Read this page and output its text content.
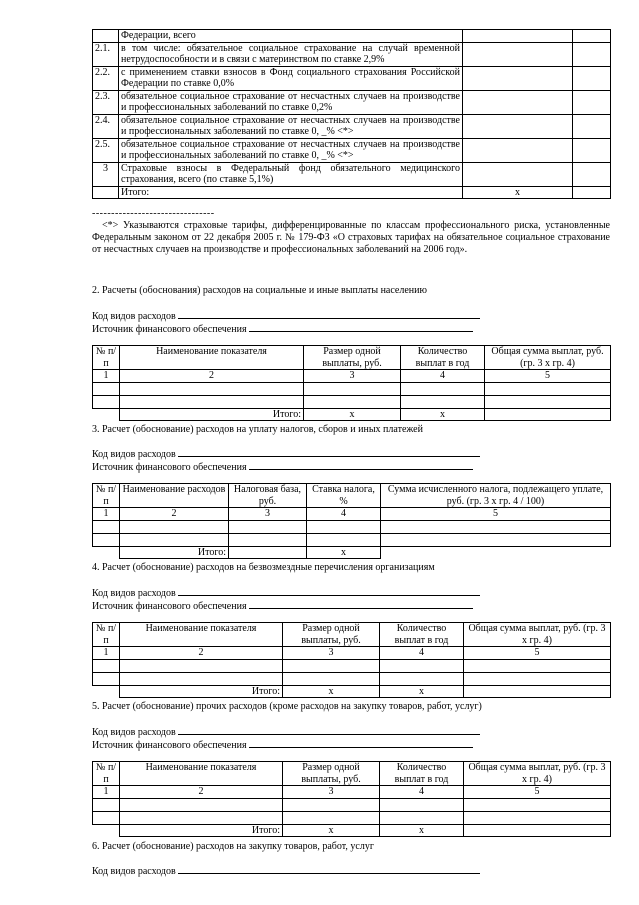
	Федерации, всего		
2.1.	в том числе: обязательное социальное страхование на случай временной нетрудоспособности и в связи с материнством по ставке 2,9%		
2.2.	с применением ставки взносов в Фонд социального страхования Российской Федерации по ставке 0,0%		
2.3.	обязательное социальное страхование от несчастных случаев на производстве и профессиональных заболеваний по ставке 0,2%		
2.4.	обязательное социальное страхование от несчастных случаев на производстве и профессиональных заболеваний по ставке 0, _% <*>		
2.5.	обязательное социальное страхование от несчастных случаев на производстве и профессиональных заболеваний по ставке 0, _% <*>		
3	Страховые взносы в Федеральный фонд обязательного медицинского страхования, всего (по ставке 5,1%)		
	Итого:	x	
--------------------------------
<*> Указываются страховые тарифы, дифференцированные по классам профессионального риска, установленные Федеральным законом от 22 декабря 2005 г. № 179-ФЗ «О страховых тарифах на обязательное социальное страхование от несчастных случаев на производстве и профессиональных заболеваний на 2006 год».
2. Расчеты (обоснования) расходов на социальные и иные выплаты населению
Код видов расходов
Источник финансового обеспечения
№ п/п	Наименование показателя	Размер одной выплаты, руб.	Количество выплат в год	Общая сумма выплат, руб. (гр. 3 x гр. 4)
1	2	3	4	5

	Итого:	x	x	
3. Расчет (обоснование) расходов на уплату налогов, сборов и иных платежей
Код видов расходов
Источник финансового обеспечения
№ п/п	Наименование расходов	Налоговая база, руб.	Ставка налога, %	Сумма исчисленного налога, подлежащего уплате, руб. (гр. 3 x гр. 4 / 100)
1	2	3	4	5

	Итого:		x	
4. Расчет (обоснование) расходов на безвозмездные перечисления организациям
Код видов расходов
Источник финансового обеспечения
№ п/п	Наименование показателя	Размер одной выплаты, руб.	Количество выплат в год	Общая сумма выплат, руб. (гр. 3 x гр. 4)
1	2	3	4	5

	Итого:	x	x	
5. Расчет (обоснование) прочих расходов (кроме расходов на закупку товаров, работ, услуг)
Код видов расходов
Источник финансового обеспечения
№ п/п	Наименование показателя	Размер одной выплаты, руб.	Количество выплат в год	Общая сумма выплат, руб. (гр. 3 x гр. 4)
1	2	3	4	5

	Итого:	x	x	
6. Расчет (обоснование) расходов на закупку товаров, работ, услуг
Код видов расходов
